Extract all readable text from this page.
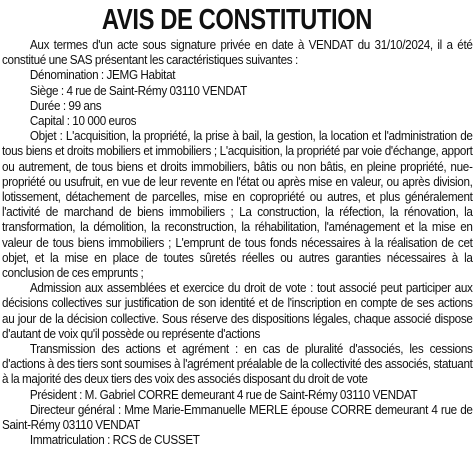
AVIS DE CONSTITUTION

Aux termes d'un acte sous signature privée en date à VENDAT du 31/10/2024, il a été constitué une SAS présentant les caractéristiques suivantes :

Dénomination : JEMG Habitat

Siège : 4 rue de Saint-Rémy 03110 VENDAT

Durée : 99 ans

Capital : 10 000 euros

Objet : L'acquisition, la propriété, la prise à bail, la gestion, la location et l'administration de tous biens et droits mobiliers et immobiliers ; L'acquisition, la propriété par voie d'échange, apport ou autrement, de tous biens et droits immobiliers, bâtis ou non bâtis, en pleine propriété, nue-propriété ou usufruit, en vue de leur revente en l'état ou après mise en valeur, ou après division, lotissement, détachement de parcelles, mise en copropriété ou autres, et plus généralement l'activité de marchand de biens immobiliers ; La construction, la réfection, la rénovation, la transformation, la démolition, la reconstruction, la réhabilitation, l'aménagement et la mise en valeur de tous biens immobiliers ; L'emprunt de tous fonds nécessaires à la réalisation de cet objet, et la mise en place de toutes sûretés réelles ou autres garanties nécessaires à la conclusion de ces emprunts ;

Admission aux assemblées et exercice du droit de vote : tout associé peut participer aux décisions collectives sur justification de son identité et de l'inscription en compte de ses actions au jour de la décision collective. Sous réserve des dispositions légales, chaque associé dispose d'autant de voix qu'il possède ou représente d'actions

Transmission des actions et agrément : en cas de pluralité d'associés, les cessions d'actions à des tiers sont soumises à l'agrément préalable de la collectivité des associés, statuant à la majorité des deux tiers des voix des associés disposant du droit de vote

Président : M. Gabriel CORRE demeurant 4 rue de Saint-Rémy 03110 VENDAT

Directeur général : Mme Marie-Emmanuelle MERLE épouse CORRE demeurant 4 rue de Saint-Rémy 03110 VENDAT

Immatriculation : RCS de CUSSET
